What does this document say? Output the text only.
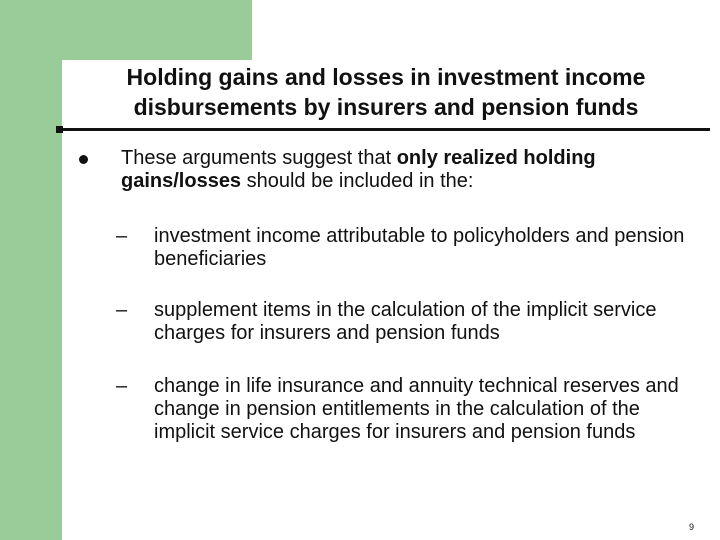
Holding gains and losses in investment income
disbursements by insurers and pension funds
These arguments suggest that only realized holding gains/losses should be included in the:
– investment income attributable to policyholders and pension beneficiaries
– supplement items in the calculation of the implicit service charges for insurers and pension funds
– change in life insurance and annuity technical reserves and change in pension entitlements in the calculation of the implicit service charges for insurers and pension funds
9
